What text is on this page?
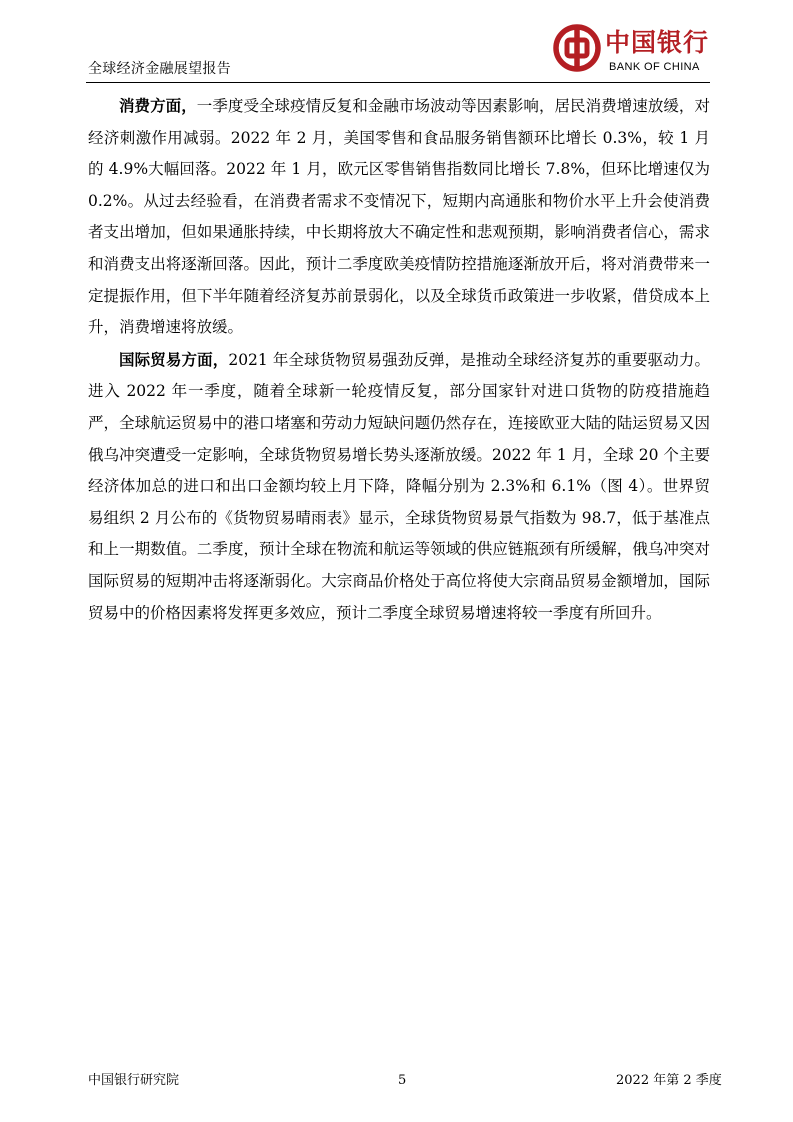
全球经济金融展望报告
中国银行
BANK OF CHINA

消费方面，一季度受全球疫情反复和金融市场波动等因素影响，居民消费增速放缓，对经济刺激作用减弱。2022 年 2 月，美国零售和食品服务销售额环比增长 0.3%，较 1 月的 4.9%大幅回落。2022 年 1 月，欧元区零售销售指数同比增长 7.8%，但环比增速仅为 0.2%。从过去经验看，在消费者需求不变情况下，短期内高通胀和物价水平上升会使消费者支出增加，但如果通胀持续，中长期将放大不确定性和悲观预期，影响消费者信心，需求和消费支出将逐渐回落。因此，预计二季度欧美疫情防控措施逐渐放开后，将对消费带来一定提振作用，但下半年随着经济复苏前景弱化，以及全球货币政策进一步收紧，借贷成本上升，消费增速将放缓。

国际贸易方面，2021 年全球货物贸易强劲反弹，是推动全球经济复苏的重要驱动力。进入 2022 年一季度，随着全球新一轮疫情反复，部分国家针对进口货物的防疫措施趋严，全球航运贸易中的港口堵塞和劳动力短缺问题仍然存在，连接欧亚大陆的陆运贸易又因俄乌冲突遭受一定影响，全球货物贸易增长势头逐渐放缓。2022 年 1 月，全球 20 个主要经济体加总的进口和出口金额均较上月下降，降幅分别为 2.3%和 6.1%（图 4）。世界贸易组织 2 月公布的《货物贸易晴雨表》显示，全球货物贸易景气指数为 98.7，低于基准点和上一期数值。二季度，预计全球在物流和航运等领域的供应链瓶颈有所缓解，俄乌冲突对国际贸易的短期冲击将逐渐弱化。大宗商品价格处于高位将使大宗商品贸易金额增加，国际贸易中的价格因素将发挥更多效应，预计二季度全球贸易增速将较一季度有所回升。

中国银行研究院	5	2022 年第 2 季度
